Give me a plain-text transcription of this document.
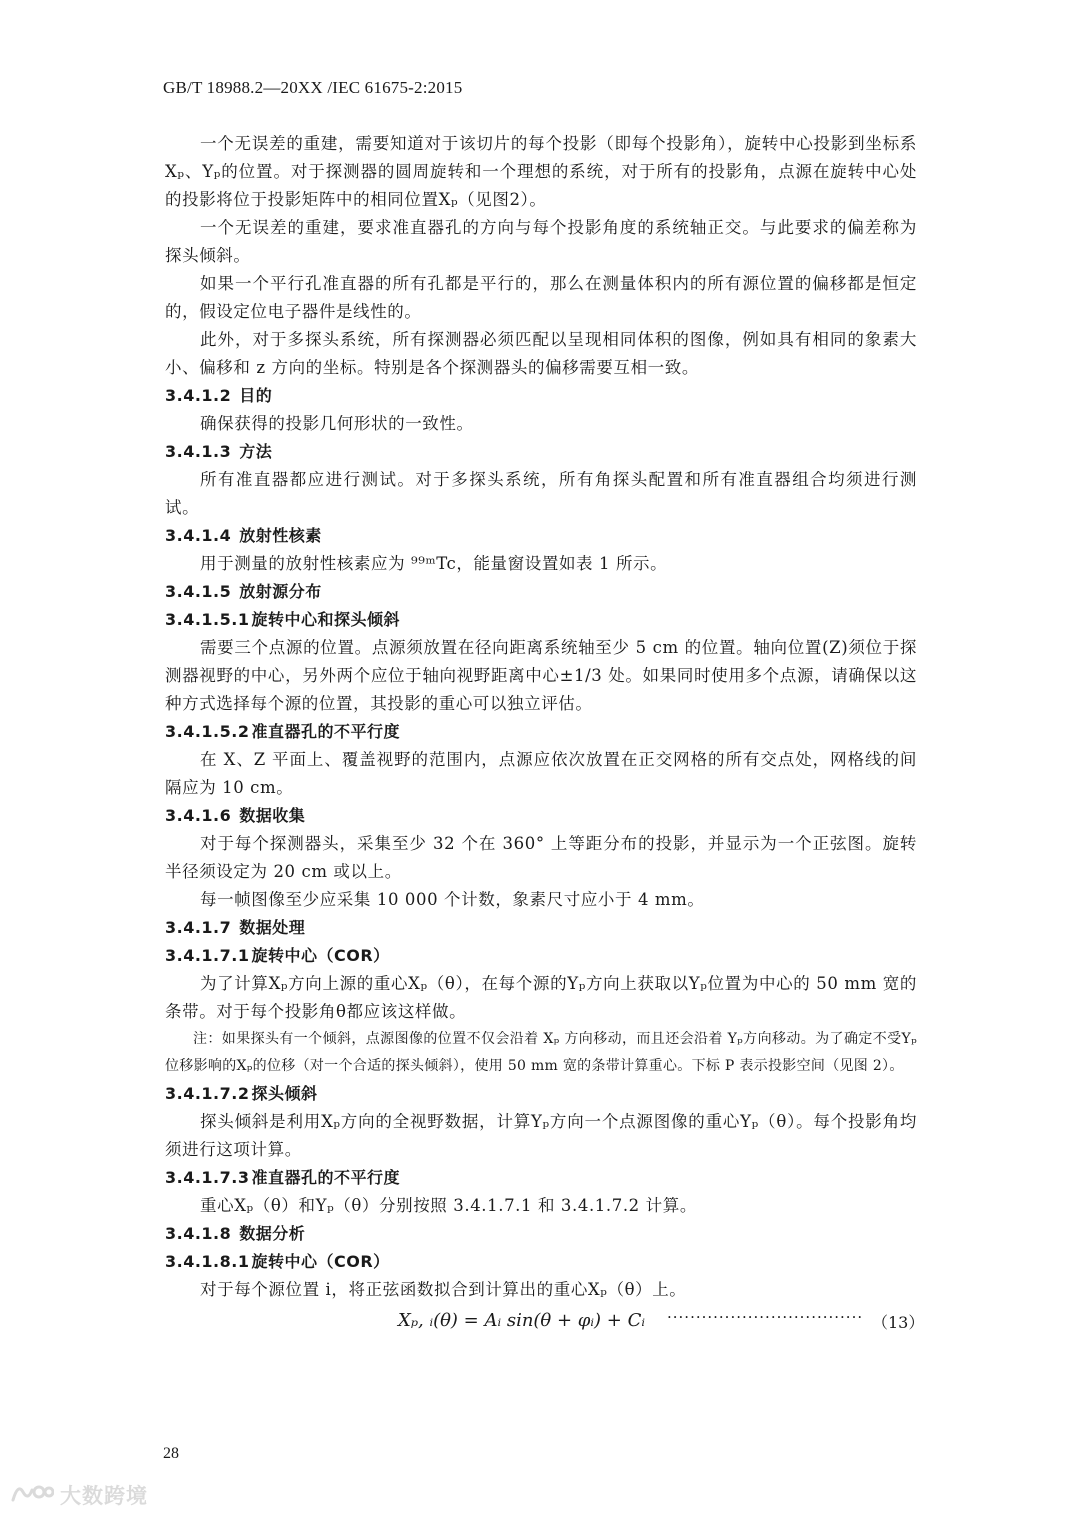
GB/T 18988.2—20XX /IEC 61675-2:2015

一个无误差的重建，需要知道对于该切片的每个投影（即每个投影角），旋转中心投影到坐标系Xₚ、Yₚ的位置。对于探测器的圆周旋转和一个理想的系统，对于所有的投影角，点源在旋转中心处的投影将位于投影矩阵中的相同位置Xₚ（见图2）。

一个无误差的重建，要求准直器孔的方向与每个投影角度的系统轴正交。与此要求的偏差称为探头倾斜。

如果一个平行孔准直器的所有孔都是平行的，那么在测量体积内的所有源位置的偏移都是恒定的，假设定位电子器件是线性的。

此外，对于多探头系统，所有探测器必须匹配以呈现相同体积的图像，例如具有相同的象素大小、偏移和 z 方向的坐标。特别是各个探测器头的偏移需要互相一致。

3.4.1.2 目的

确保获得的投影几何形状的一致性。

3.4.1.3 方法

所有准直器都应进行测试。对于多探头系统，所有角探头配置和所有准直器组合均须进行测试。

3.4.1.4 放射性核素

用于测量的放射性核素应为 ⁹⁹ᵐTc，能量窗设置如表 1 所示。

3.4.1.5 放射源分布
3.4.1.5.1 旋转中心和探头倾斜

需要三个点源的位置。点源须放置在径向距离系统轴至少 5 cm 的位置。轴向位置(Z)须位于探测器视野的中心，另外两个应位于轴向视野距离中心±1/3 处。如果同时使用多个点源，请确保以这种方式选择每个源的位置，其投影的重心可以独立评估。

3.4.1.5.2 准直器孔的不平行度

在 X、Z 平面上、覆盖视野的范围内，点源应依次放置在正交网格的所有交点处，网格线的间隔应为 10 cm。

3.4.1.6 数据收集

对于每个探测器头，采集至少 32 个在 360° 上等距分布的投影，并显示为一个正弦图。旋转半径须设定为 20 cm 或以上。

每一帧图像至少应采集 10 000 个计数，象素尺寸应小于 4 mm。

3.4.1.7 数据处理
3.4.1.7.1 旋转中心（COR）

为了计算Xₚ方向上源的重心Xₚ（θ），在每个源的Yₚ方向上获取以Yₚ位置为中心的 50 mm 宽的条带。对于每个投影角θ都应该这样做。

注：如果探头有一个倾斜，点源图像的位置不仅会沿着 Xₚ 方向移动，而且还会沿着 Yₚ方向移动。为了确定不受Yₚ位移影响的Xₚ的位移（对一个合适的探头倾斜），使用 50 mm 宽的条带计算重心。下标 P 表示投影空间（见图 2）。

3.4.1.7.2 探头倾斜

探头倾斜是利用Xₚ方向的全视野数据，计算Yₚ方向一个点源图像的重心Yₚ（θ）。每个投影角均须进行这项计算。

3.4.1.7.3 准直器孔的不平行度

重心Xₚ（θ）和Yₚ（θ）分别按照 3.4.1.7.1 和 3.4.1.7.2 计算。

3.4.1.8 数据分析
3.4.1.8.1 旋转中心（COR）

对于每个源位置 i，将正弦函数拟合到计算出的重心Xₚ（θ）上。

Xₚ, ᵢ(θ) = Aᵢ sin(θ + φᵢ) + Cᵢ ·································· （13）
28
大数跨境
